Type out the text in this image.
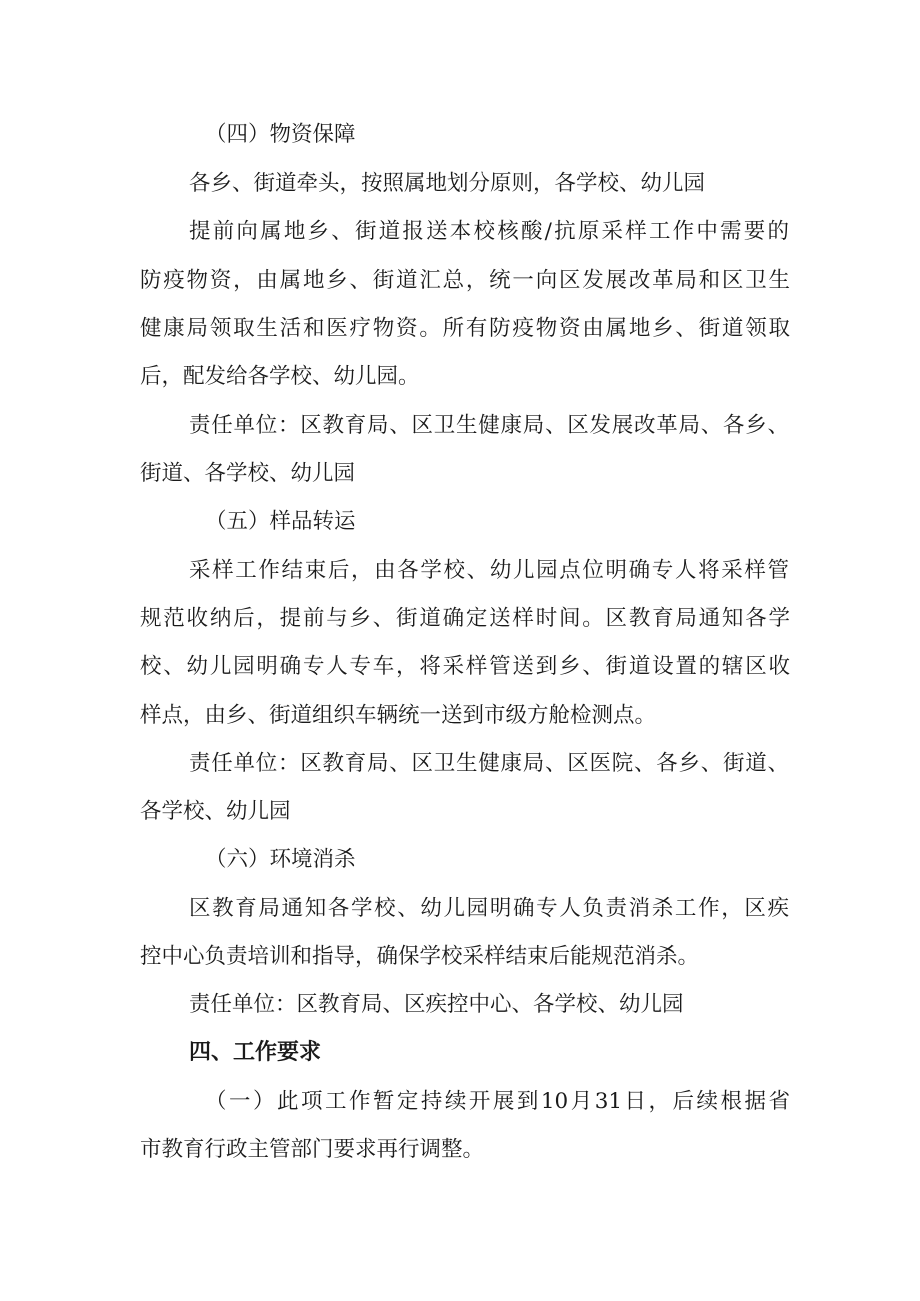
（四）物资保障
各乡、街道牵头，按照属地划分原则，各学校、幼儿园
提前向属地乡、街道报送本校核酸/抗原采样工作中需要的
防疫物资，由属地乡、街道汇总，统一向区发展改革局和区卫生
健康局领取生活和医疗物资。所有防疫物资由属地乡、街道领取
后，配发给各学校、幼儿园。
责任单位：区教育局、区卫生健康局、区发展改革局、各乡、
街道、各学校、幼儿园
（五）样品转运
采样工作结束后，由各学校、幼儿园点位明确专人将采样管
规范收纳后，提前与乡、街道确定送样时间。区教育局通知各学
校、幼儿园明确专人专车，将采样管送到乡、街道设置的辖区收
样点，由乡、街道组织车辆统一送到市级方舱检测点。
责任单位：区教育局、区卫生健康局、区医院、各乡、街道、
各学校、幼儿园
（六）环境消杀
区教育局通知各学校、幼儿园明确专人负责消杀工作，区疾
控中心负责培训和指导，确保学校采样结束后能规范消杀。
责任单位：区教育局、区疾控中心、各学校、幼儿园
四、工作要求
（一）此项工作暂定持续开展到10月31日，后续根据省
市教育行政主管部门要求再行调整。
